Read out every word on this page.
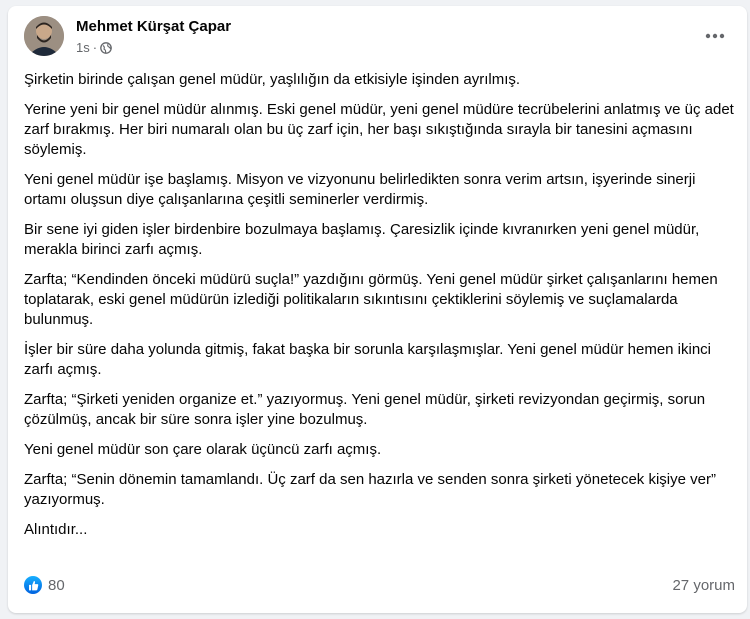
Mehmet Kürşat Çapar
1s ·

Şirketin birinde çalışan genel müdür, yaşlılığın da etkisiyle işinden ayrılmış.

Yerine yeni bir genel müdür alınmış. Eski genel müdür, yeni genel müdüre tecrübelerini anlatmış ve üç adet zarf bırakmış. Her biri numaralı olan bu üç zarf için, her başı sıkıştığında sırayla bir tanesini açmasını söylemiş.

Yeni genel müdür işe başlamış. Misyon ve vizyonunu belirledikten sonra verim artsın, işyerinde sinerji ortamı oluşsun diye çalışanlarına çeşitli seminerler verdirmiş.

Bir sene iyi giden işler birdenbire bozulmaya başlamış. Çaresizlik içinde kıvranırken yeni genel müdür, merakla birinci zarfı açmış.

Zarfta; “Kendinden önceki müdürü suçla!” yazdığını görmüş. Yeni genel müdür şirket çalışanlarını hemen toplatarak, eski genel müdürün izlediği politikaların sıkıntısını çektiklerini söylemiş ve suçlamalarda bulunmuş.

İşler bir süre daha yolunda gitmiş, fakat başka bir sorunla karşılaşmışlar. Yeni genel müdür hemen ikinci zarfı açmış.

Zarfta; “Şirketi yeniden organize et.” yazıyormuş. Yeni genel müdür, şirketi revizyondan geçirmiş, sorun çözülmüş, ancak bir süre sonra işler yine bozulmuş.

Yeni genel müdür son çare olarak üçüncü zarfı açmış.

Zarfta; “Senin dönemin tamamlandı. Üç zarf da sen hazırla ve senden sonra şirketi yönetecek kişiye ver” yazıyormuş.

Alıntıdır...

80	27 yorum
